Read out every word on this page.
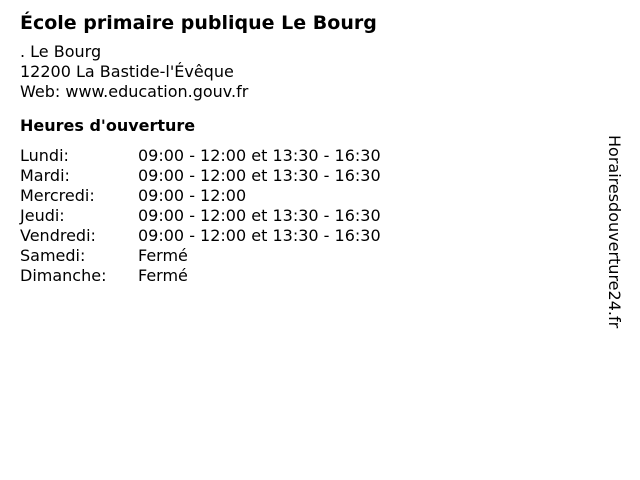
École primaire publique Le Bourg
. Le Bourg
12200 La Bastide-l'Évêque
Web: www.education.gouv.fr
Heures d'ouverture
Lundi:	09:00 - 12:00 et 13:30 - 16:30
Mardi:	09:00 - 12:00 et 13:30 - 16:30
Mercredi:	09:00 - 12:00
Jeudi:	09:00 - 12:00 et 13:30 - 16:30
Vendredi:	09:00 - 12:00 et 13:30 - 16:30
Samedi:	Fermé
Dimanche:	Fermé	Horairesdouverture24.fr
